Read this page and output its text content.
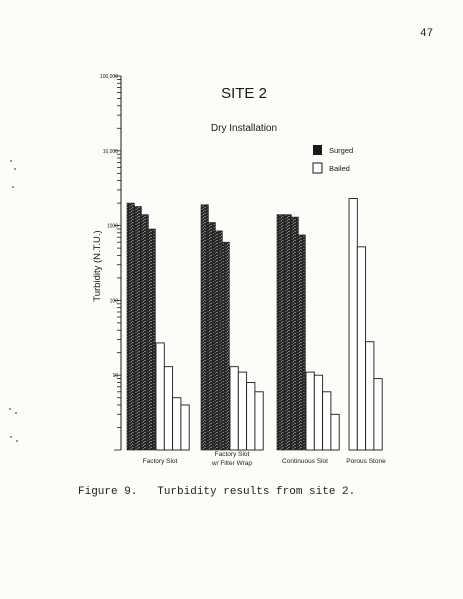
47
SITE 2
Dry Installation
Turbidity (N.T.U.)
10
100
1000
10,000
100,000
Surged
Bailed
Factory Slot
Factory Slot
w/ Filter Wrap	Continuous Slot	Porous Stone
Figure 9.   Turbidity results from site 2.
